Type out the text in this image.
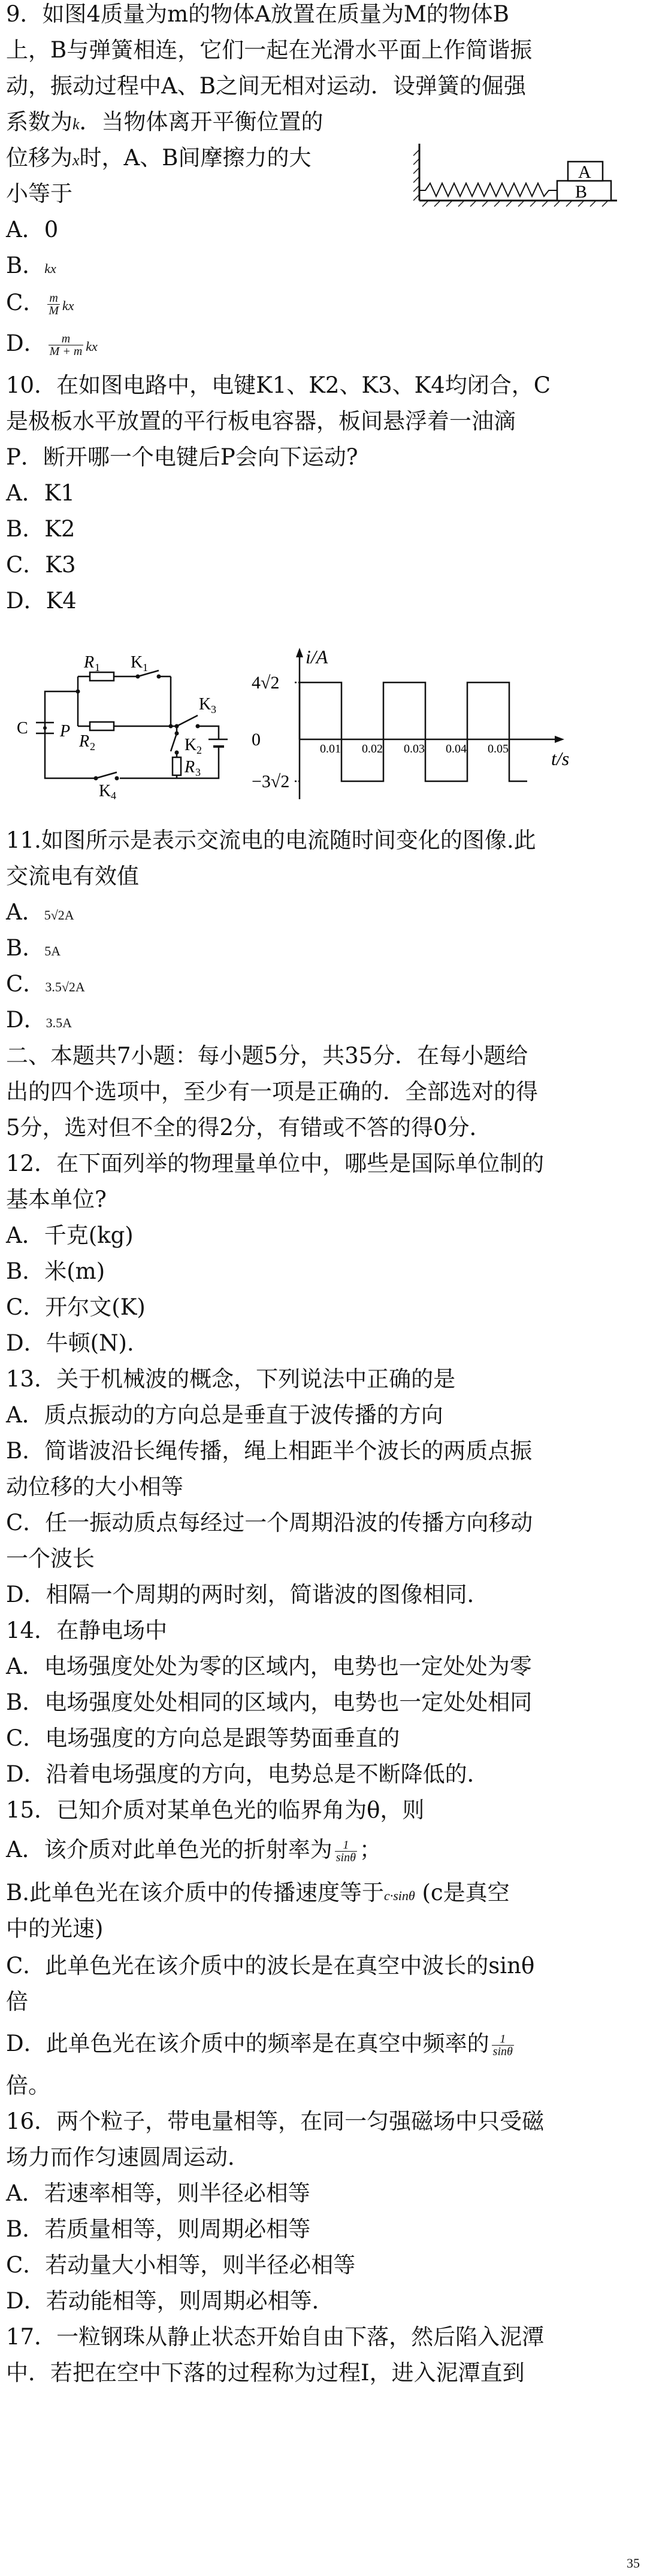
9．如图4质量为m的物体A放置在质量为M的物体B
上，B与弹簧相连，它们一起在光滑水平面上作简谐振
动，振动过程中A、B之间无相对运动．设弹簧的倔强
系数为k．当物体离开平衡位置的
位移为x时，A、B间摩擦力的大
小等于	B
A
A．0
B．kx
C． $\frac{m}{M}$ kx
D． $\frac{m}{M + m}$ kx
10．在如图电路中，电键K1、K2、K3、K4均闭合，C
是极板水平放置的平行板电容器，板间悬浮着一油滴
P．断开哪一个电键后P会向下运动?
A．K1
B．K2
C．K3
D．K4
R 1 K 1
R 2
K 3
K 2
R 3
K 4
C P
4√2
0
−3√2
0.01 0.02 0.03 0.04 0.05
i/A
t/s
11.如图所示是表示交流电的电流随时间变化的图像.此
交流电有效值
A．5√2A
B．5A
C．3.5√2A
D．3.5A
二、本题共7小题：每小题5分，共35分．在每小题给
出的四个选项中，至少有一项是正确的．全部选对的得
5分，选对但不全的得2分，有错或不答的得0分．
12．在下面列举的物理量单位中，哪些是国际单位制的
基本单位?
A．千克(kg)
B．米(m)
C．开尔文(K)
D．牛顿(N).
13．关于机械波的概念，下列说法中正确的是
A．质点振动的方向总是垂直于波传播的方向
B．简谐波沿长绳传播，绳上相距半个波长的两质点振
动位移的大小相等
C．任一振动质点每经过一个周期沿波的传播方向移动
一个波长
D．相隔一个周期的两时刻，简谐波的图像相同．
14．在静电场中
A．电场强度处处为零的区域内，电势也一定处处为零
B．电场强度处处相同的区域内，电势也一定处处相同
C．电场强度的方向总是跟等势面垂直的
D．沿着电场强度的方向，电势总是不断降低的．
15．已知介质对某单色光的临界角为θ，则
A．该介质对此单色光的折射率为 $\frac{1}{\sin\theta}$ ；
B.此单色光在该介质中的传播速度等于c·sinθ (c是真空
中的光速)
C．此单色光在该介质中的波长是在真空中波长的sinθ
倍
D．此单色光在该介质中的频率是在真空中频率的 $\frac{1}{\sin\theta}$
倍。
16．两个粒子，带电量相等，在同一匀强磁场中只受磁
场力而作匀速圆周运动．
A．若速率相等，则半径必相等
B．若质量相等，则周期必相等
C．若动量大小相等，则半径必相等
D．若动能相等，则周期必相等．
17．一粒钢珠从静止状态开始自由下落，然后陷入泥潭
中．若把在空中下落的过程称为过程Ⅰ，进入泥潭直到
35
